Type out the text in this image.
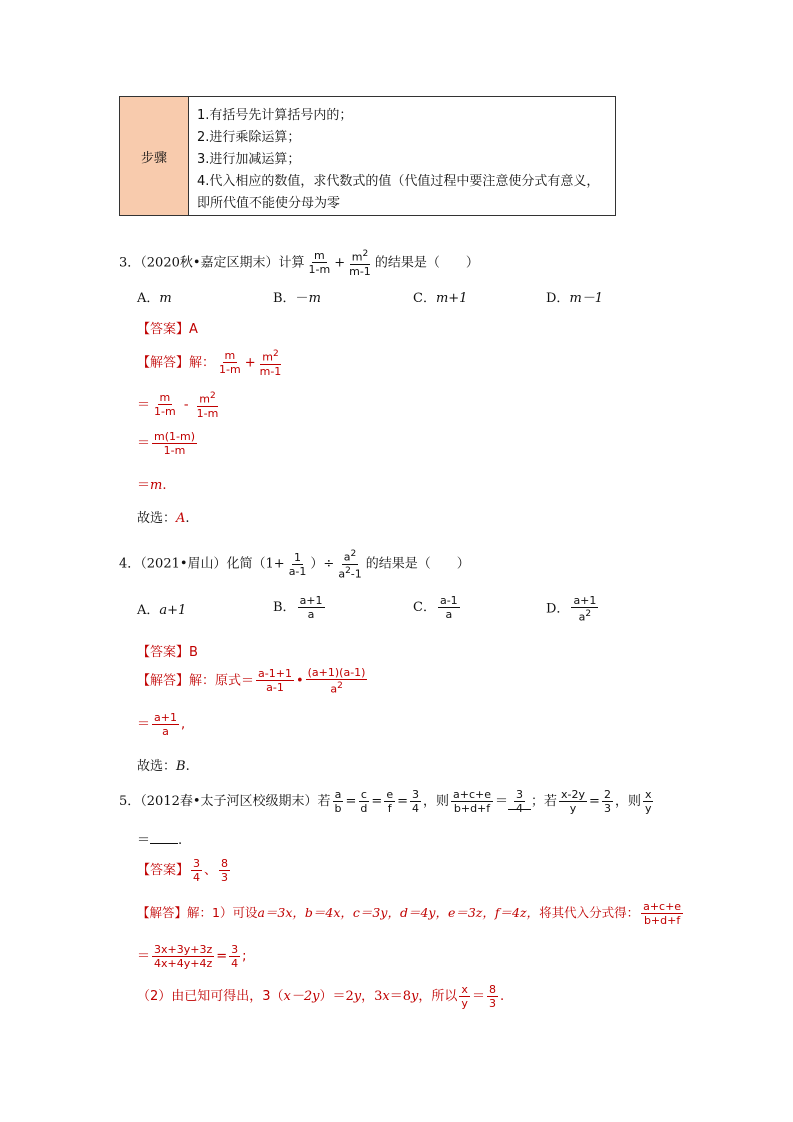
步骤
1.有括号先计算括号内的；
2.进行乘除运算；
3.进行加减运算；
4.代入相应的数值，求代数式的值（代值过程中要注意使分式有意义，即所代值不能使分母为零
3．（2020秋•嘉定区期末）计算 $\frac{m}{1-m} + \frac{m^2}{m-1}$ 的结果是（　　）
A．m	B．－m	C．m+1	D．m－1
【答案】A
【解答】解： $\frac{m}{1-m} + \frac{m^2}{m-1}$
＝ $\frac{m}{1-m} - \frac{m^2}{1-m}$
＝ $\frac{m(1-m)}{1-m}$
＝m.
故选：A.
4．（2021•眉山）化简（$1+ \frac{1}{a-1}$ ）÷ $\frac{a^2}{a^2-1}$ 的结果是（　　）
A．a+1	B． $\frac{a+1}{a}$	C． $\frac{a-1}{a}$	D． $\frac{a+1}{a^2}$
【答案】B
【解答】解：原式＝ $\frac{a-1+1}{a-1}$ • $\frac{(a+1)(a-1)}{a^2}$
＝ $\frac{a+1}{a}$ ,
故选：B.
5．（2012春•太子河区校级期末）若 $\frac{a}{b} = \frac{c}{d} = \frac{e}{f} = \frac{3}{4}$ ，则 $\frac{a+c+e}{b+d+f} = \frac{3}{4}$ ；若 $\frac{x-2y}{y} = \frac{2}{3}$ ，则 $\frac{x}{y}$
＝ .
【答案】 $\frac{3}{4}$ 、 $\frac{8}{3}$
【解答】解：1）可设a＝3x，b＝4x，c＝3y，d＝4y，e＝3z，f＝4z，将其代入分式得： $\frac{a+c+e}{b+d+f}$
＝ $\frac{3x+3y+3z}{4x+4y+4z} = \frac{3}{4}$ ;
（2）由已知可得出，3（x－2y）＝2y，3x＝8y，所以 $\frac{x}{y} = \frac{8}{3}$ .
